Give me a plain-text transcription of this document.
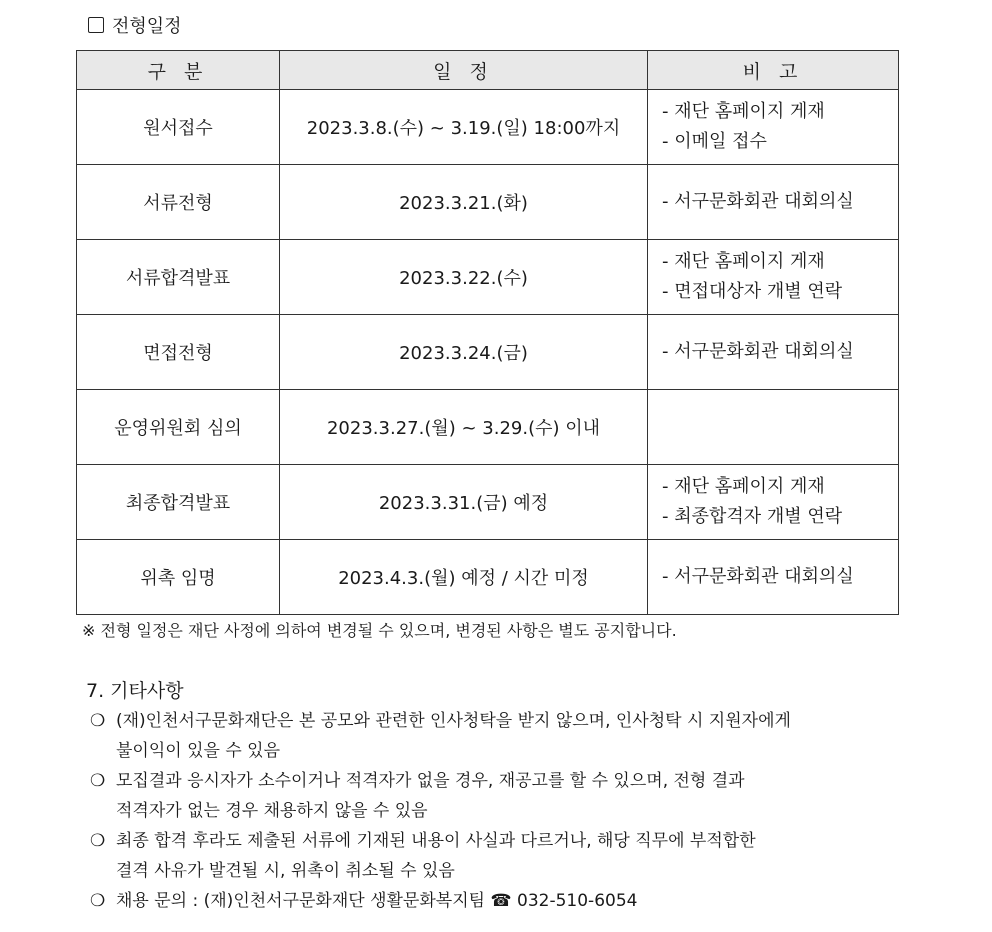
전형일정
구 분	일 정	비 고
원서접수	2023.3.8.(수) ~ 3.19.(일) 18:00까지	- 재단 홈페이지 게재
- 이메일 접수

서류전형	2023.3.21.(화)	- 서구문화회관 대회의실

서류합격발표	2023.3.22.(수)	- 재단 홈페이지 게재
- 면접대상자 개별 연락

면접전형	2023.3.24.(금)	- 서구문화회관 대회의실

운영위원회 심의	2023.3.27.(월) ~ 3.29.(수) 이내	
최종합격발표	2023.3.31.(금) 예정	- 재단 홈페이지 게재
- 최종합격자 개별 연락

위촉 임명	2023.4.3.(월) 예정 / 시간 미정	- 서구문화회관 대회의실
※ 전형 일정은 재단 사정에 의하여 변경될 수 있으며, 변경된 사항은 별도 공지합니다.
7. 기타사항
❍ (재)인천서구문화재단은 본 공모와 관련한 인사청탁을 받지 않으며, 인사청탁 시 지원자에게
불이익이 있을 수 있음
❍ 모집결과 응시자가 소수이거나 적격자가 없을 경우, 재공고를 할 수 있으며, 전형 결과
적격자가 없는 경우 채용하지 않을 수 있음
❍ 최종 합격 후라도 제출된 서류에 기재된 내용이 사실과 다르거나, 해당 직무에 부적합한
결격 사유가 발견될 시, 위촉이 취소될 수 있음
❍ 채용 문의 : (재)인천서구문화재단 생활문화복지팀 ☎ 032-510-6054
